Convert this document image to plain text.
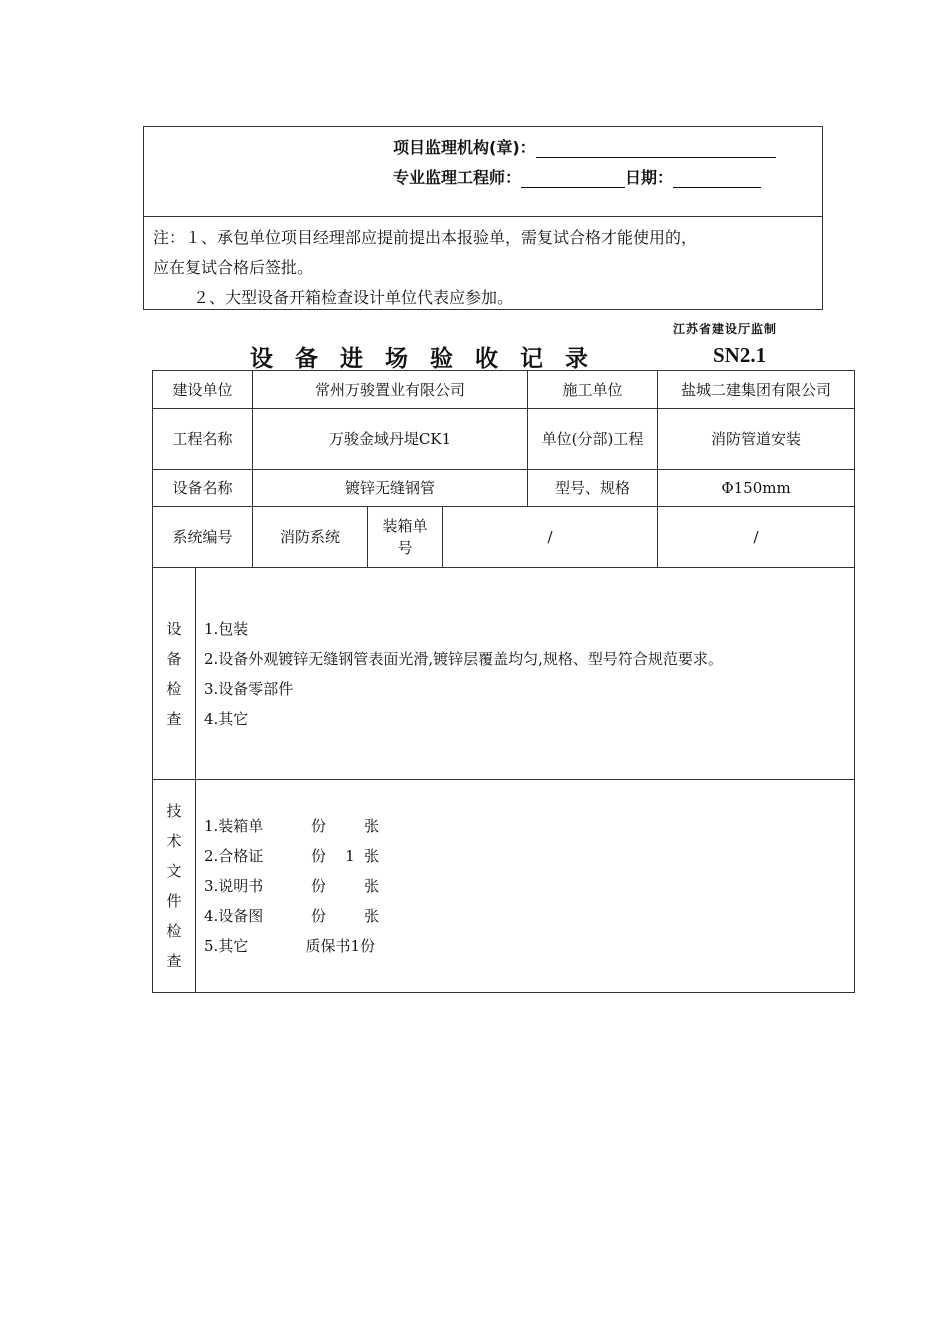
项目监理机构(章)：
专业监理工程师：	日期：

注：１、承包单位项目经理部应提前提出本报验单，需复试合格才能使用的，

应在复试合格后签批。

２、大型设备开箱检查设计单位代表应参加。

江苏省建设厅监制
设备进场验收记录	SN2.1
建设单位		常州万骏置业有限公司			施工单位	盐城二建集团有限公司
工程名称		万骏金域丹堤CK1			单位(分部)工程	消防管道安装
设备名称		镀锌无缝钢管			型号、规格	Φ150mm
系统编号		消防系统	装箱单号	/		/
设备检查	1.包装
2.设备外观镀锌无缝钢管表面光滑,镀锌层覆盖均匀,规格、型号符合规范要求。
3.设备零部件
4.其它					

技术文件检查	1.装箱单          份        张
2.合格证          份    1  张
3.说明书          份        张
4.设备图          份        张
5.其它            质保书1份					
